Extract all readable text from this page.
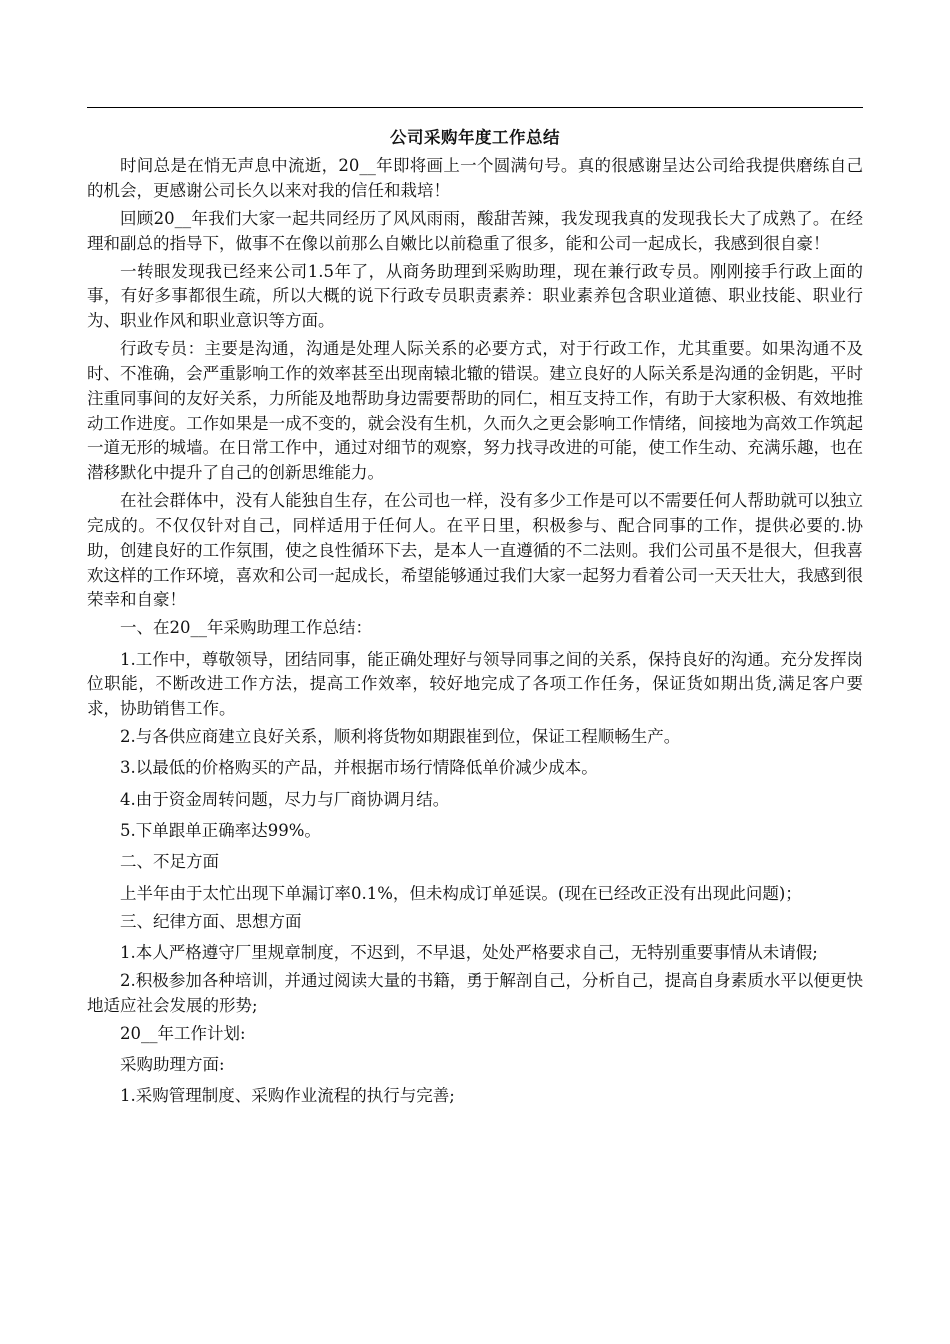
公司采购年度工作总结
时间总是在悄无声息中流逝，20__年即将画上一个圆满句号。真的很感谢呈达公司给我提供磨练自己的机会，更感谢公司长久以来对我的信任和栽培！
回顾20__年我们大家一起共同经历了风风雨雨，酸甜苦辣，我发现我真的发现我长大了成熟了。在经理和副总的指导下，做事不在像以前那么自嫩比以前稳重了很多，能和公司一起成长，我感到很自豪！
一转眼发现我已经来公司1.5年了，从商务助理到采购助理，现在兼行政专员。刚刚接手行政上面的事，有好多事都很生疏，所以大概的说下行政专员职责素养：职业素养包含职业道德、职业技能、职业行为、职业作风和职业意识等方面。
行政专员：主要是沟通，沟通是处理人际关系的必要方式，对于行政工作，尤其重要。如果沟通不及时、不准确，会严重影响工作的效率甚至出现南辕北辙的错误。建立良好的人际关系是沟通的金钥匙，平时注重同事间的友好关系，力所能及地帮助身边需要帮助的同仁，相互支持工作，有助于大家积极、有效地推动工作进度。工作如果是一成不变的，就会没有生机，久而久之更会影响工作情绪，间接地为高效工作筑起一道无形的城墙。在日常工作中，通过对细节的观察，努力找寻改进的可能，使工作生动、充满乐趣，也在潜移默化中提升了自己的创新思维能力。
在社会群体中，没有人能独自生存，在公司也一样，没有多少工作是可以不需要任何人帮助就可以独立完成的。不仅仅针对自己，同样适用于任何人。在平日里，积极参与、配合同事的工作，提供必要的.协助，创建良好的工作氛围，使之良性循环下去，是本人一直遵循的不二法则。我们公司虽不是很大，但我喜欢这样的工作环境，喜欢和公司一起成长，希望能够通过我们大家一起努力看着公司一天天壮大，我感到很荣幸和自豪！
一、在20__年采购助理工作总结：
1.工作中，尊敬领导，团结同事，能正确处理好与领导同事之间的关系，保持良好的沟通。充分发挥岗位职能，不断改进工作方法，提高工作效率，较好地完成了各项工作任务，保证货如期出货,满足客户要求，协助销售工作。
2.与各供应商建立良好关系，顺利将货物如期跟崔到位，保证工程顺畅生产。
3.以最低的价格购买的产品，并根据市场行情降低单价减少成本。
4.由于资金周转问题，尽力与厂商协调月结。
5.下单跟单正确率达99%。
二、不足方面
上半年由于太忙出现下单漏订率0.1%，但未构成订单延误。(现在已经改正没有出现此问题)；
三、纪律方面、思想方面
1.本人严格遵守厂里规章制度，不迟到，不早退，处处严格要求自己，无特别重要事情从未请假;
2.积极参加各种培训，并通过阅读大量的书籍，勇于解剖自己，分析自己，提高自身素质水平以便更快地适应社会发展的形势;
20__年工作计划:
采购助理方面:
1.采购管理制度、采购作业流程的执行与完善;
